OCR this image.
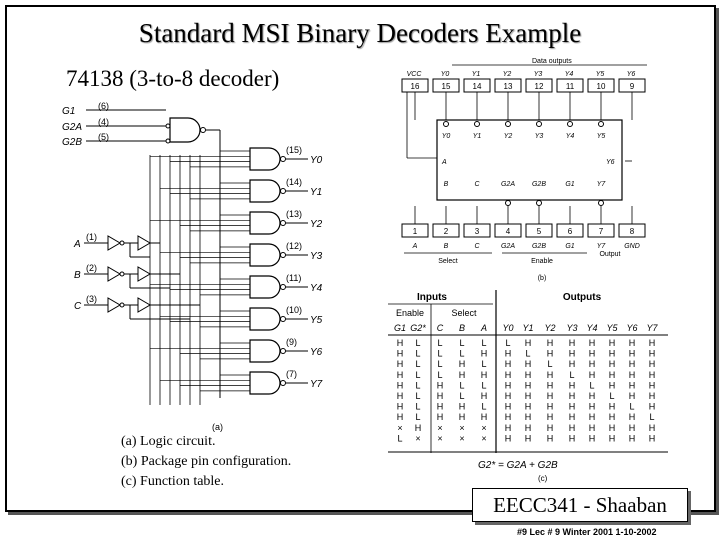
Standard MSI Binary Decoders Example
74138 (3-to-8 decoder)
G1	(6)
G2A (4)
G2B (5)
A
(1)
B
(2)
C
(3)
(15)
Y0
(14)
Y1
(13)
Y2
(12)
Y3
(11)
Y4
(10)
Y5
(9)
Y6
(7)
Y7
(a)
Data outputs
VCC
16
Y0
15
Y1
14
Y2
13
Y3
12
Y4
11
Y5
10
Y6
9
Y0	Y1	Y2	Y3	Y4	Y5
A	Y6
B	C	G2A G2B	G1	Y7
1
A
2
B
3
C
4
G2A
5
G2B
6
G1
7
Y7
8
GND
Select	Enable
Output
(b)
Inputs	Outputs
Enable	Select
G1 G2* C B A Y0 Y1 Y2 Y3 Y4 Y5 Y6 Y7
H L L L L L H H H H H H H
H L L L H H L H H H H H H
H L L H L H H L H H H H H
H L L H H H H H L H H H H
H L H L L H H H H L H H H
H L H L H H H H H H L H H
H L H H L H H H H H H L H
H L H H H H H H H H H H L
× H × × × H H H H H H H H
L × × × × H H H H H H H H
G2* = G2A + G2B
(c)
(a) Logic circuit.
(b) Package pin configuration.
(c) Function table.
EECC341 - Shaaban
#9 Lec # 9 Winter 2001 1-10-2002
